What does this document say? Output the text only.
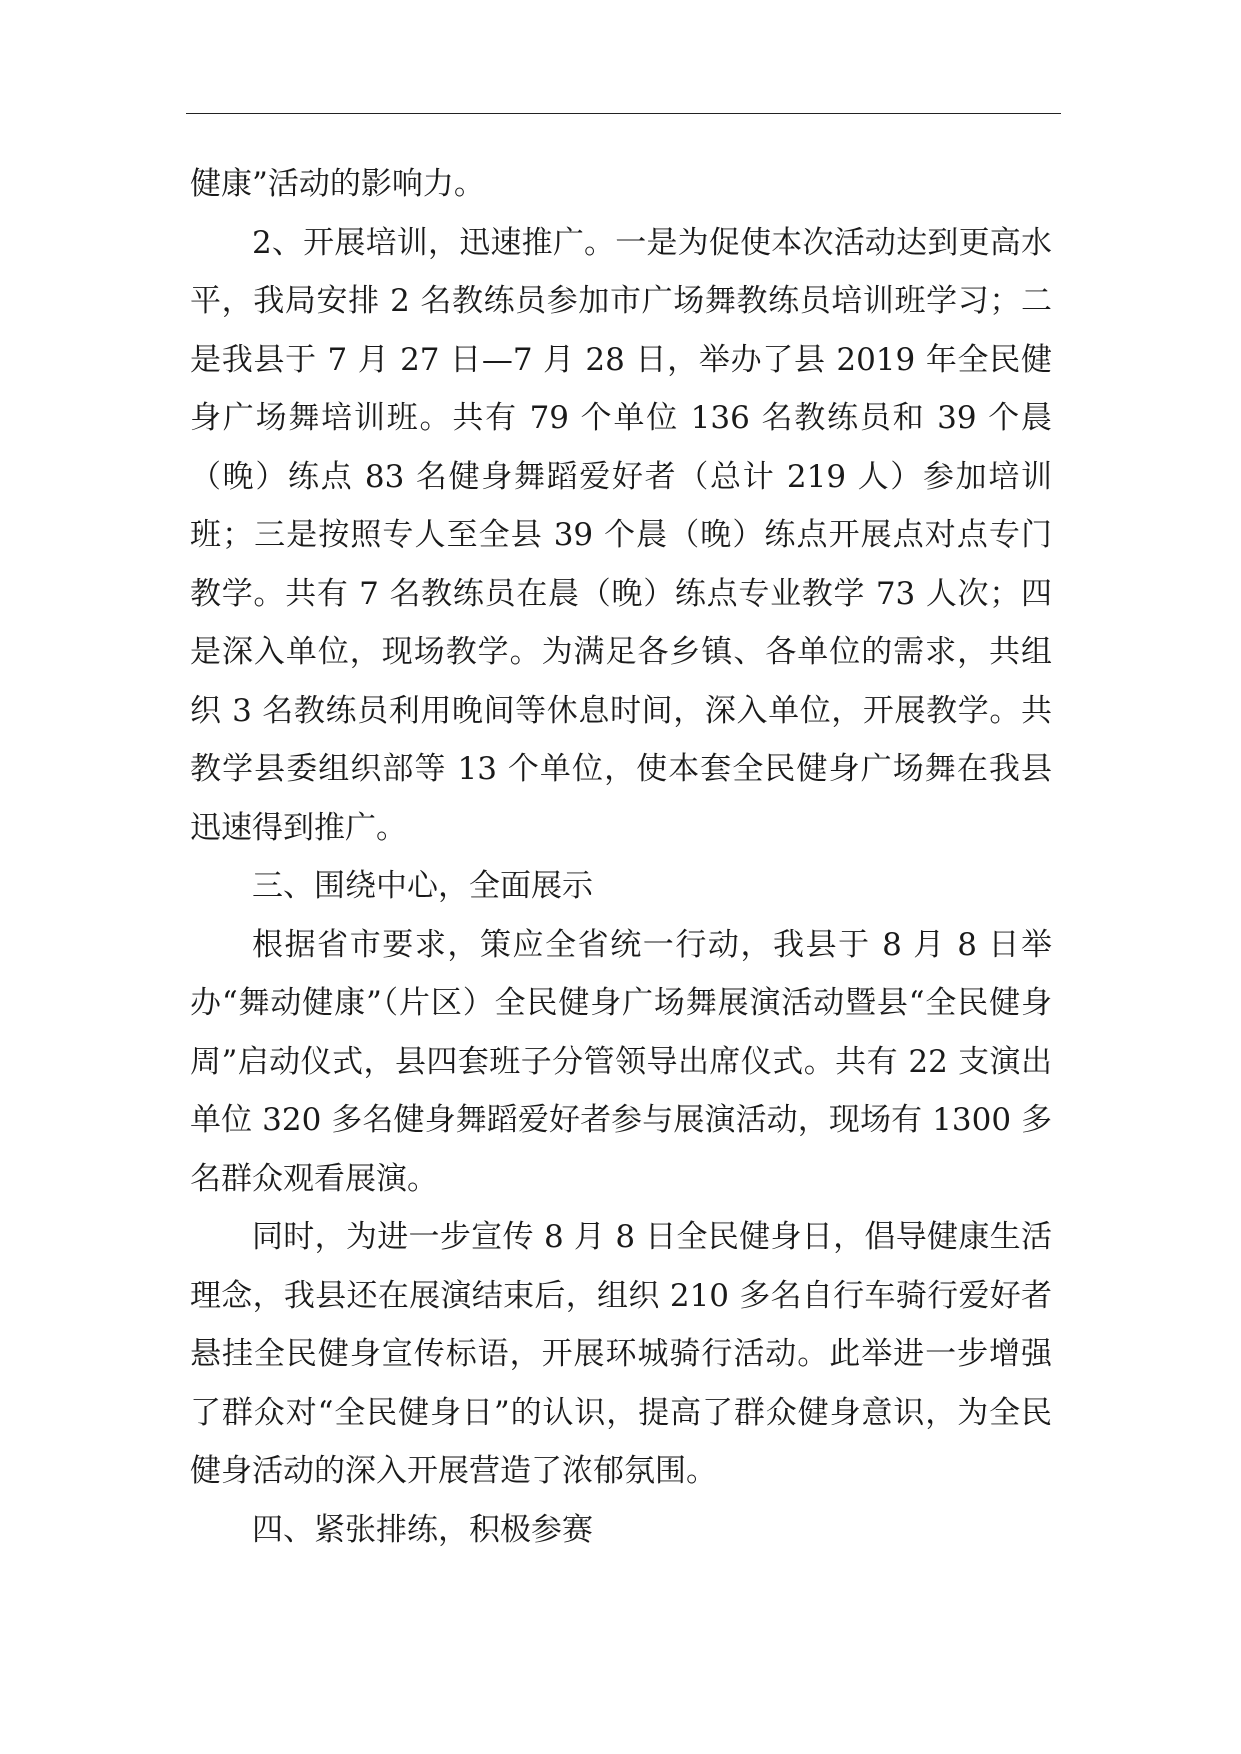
健康”活动的影响力。

2、开展培训，迅速推广。一是为促使本次活动达到更高水平，我局安排 2 名教练员参加市广场舞教练员培训班学习；二是我县于 7 月 27 日—7 月 28 日，举办了县 2019 年全民健身广场舞培训班。共有 79 个单位 136 名教练员和 39 个晨（晚）练点 83 名健身舞蹈爱好者（总计 219 人）参加培训班；三是按照专人至全县 39 个晨（晚）练点开展点对点专门教学。共有 7 名教练员在晨（晚）练点专业教学 73 人次；四是深入单位，现场教学。为满足各乡镇、各单位的需求，共组织 3 名教练员利用晚间等休息时间，深入单位，开展教学。共教学县委组织部等 13 个单位，使本套全民健身广场舞在我县迅速得到推广。

三、围绕中心，全面展示

根据省市要求，策应全省统一行动，我县于 8 月 8 日举办“舞动健康”（片区）全民健身广场舞展演活动暨县“全民健身周”启动仪式，县四套班子分管领导出席仪式。共有 22 支演出单位 320 多名健身舞蹈爱好者参与展演活动，现场有 1300 多名群众观看展演。

同时，为进一步宣传 8 月 8 日全民健身日，倡导健康生活理念，我县还在展演结束后，组织 210 多名自行车骑行爱好者悬挂全民健身宣传标语，开展环城骑行活动。此举进一步增强了群众对“全民健身日”的认识，提高了群众健身意识，为全民健身活动的深入开展营造了浓郁氛围。

四、紧张排练，积极参赛
